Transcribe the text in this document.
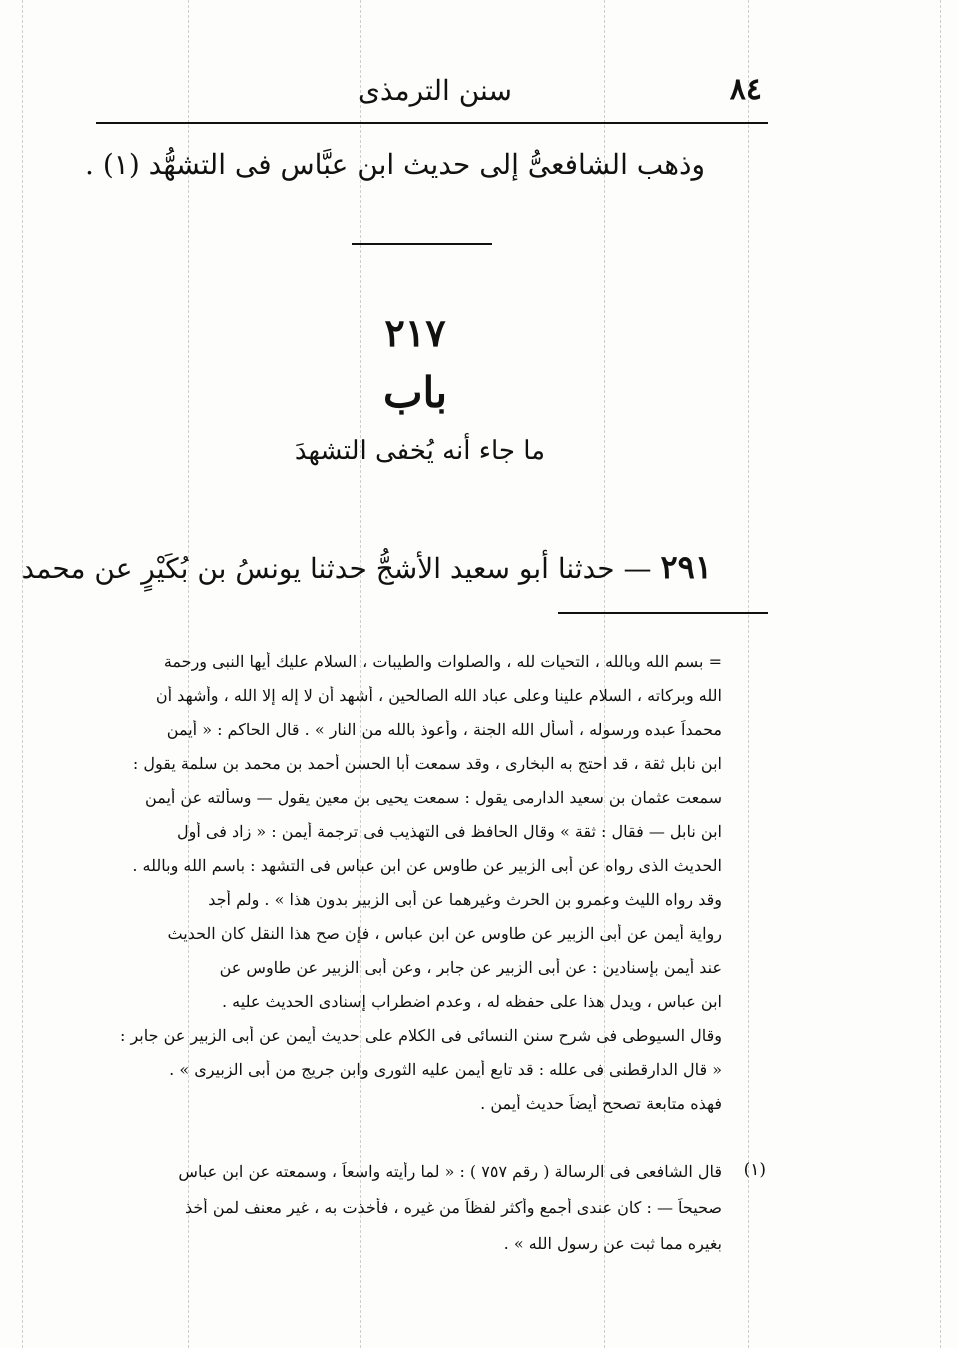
٨٤
سنن الترمذى
وذهب الشافعىُّ إلى حديث ابن عبَّاس فى التشهُّد (١) .
٢١٧
باب
ما جاء أنه يُخفى التشهدَ
٢٩١ — حدثنا أبو سعيد الأشجُّ حدثنا يونسُ بن بُكَيْرٍ عن محمد
= بسم الله وبالله ، التحيات لله ، والصلوات والطيبات ، السلام عليك أيها النبى ورحمة
الله وبركاته ، السلام علينا وعلى عباد الله الصالحين ، أشهد أن لا إله إلا الله ، وأشهد أن
محمداً عبده ورسوله ، أسأل الله الجنة ، وأعوذ بالله من النار » . قال الحاكم : « أيمن
ابن نابل ثقة ، قد احتج به البخارى ، وقد سمعت أبا الحسن أحمد بن محمد بن سلمة يقول :
سمعت عثمان بن سعيد الدارمى يقول : سمعت يحيى بن معين يقول — وسألته عن أيمن
ابن نابل — فقال : ثقة » وقال الحافظ فى التهذيب فى ترجمة أيمن : « زاد فى أول
الحديث الذى رواه عن أبى الزبير عن طاوس عن ابن عباس فى التشهد : باسم الله وبالله .
وقد رواه الليث وعمرو بن الحرث وغيرهما عن أبى الزبير بدون هذا » . ولم أجد
رواية أيمن عن أبى الزبير عن طاوس عن ابن عباس ، فإن صح هذا النقل كان الحديث
عند أيمن بإسنادين : عن أبى الزبير عن جابر ، وعن أبى الزبير عن طاوس عن
ابن عباس ، ويدل هذا على حفظه له ، وعدم اضطراب إسنادى الحديث عليه .
وقال السيوطى فى شرح سنن النسائى فى الكلام على حديث أيمن عن أبى الزبير عن جابر :
« قال الدارقطنى فى علله : قد تابع أيمن عليه الثورى وابن جريج من أبى الزبيرى » .
فهذه متابعة تصحح أيضاً حديث أيمن .
(١)
قال الشافعى فى الرسالة ( رقم ٧٥٧ ) : « لما رأيته واسعاً ، وسمعته عن ابن عباس
صحيحاً — : كان عندى أجمع وأكثر لفظاً من غيره ، فأخذت به ، غير معنف لمن أخذ
بغيره مما ثبت عن رسول الله » .
